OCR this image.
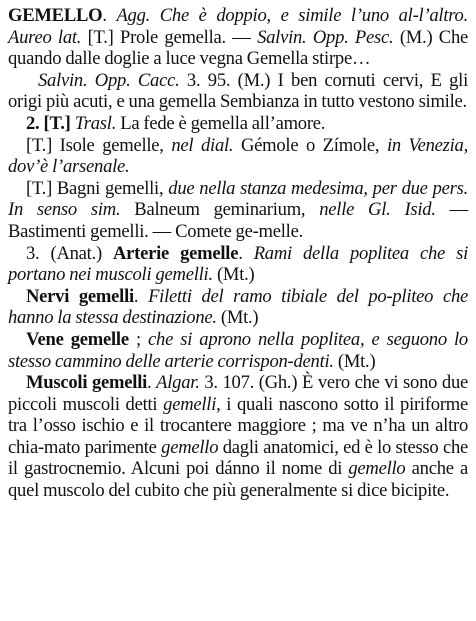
GEMELLO. Agg. Che è doppio, e simile l’uno al-l’altro. Aureo lat. [T.] Prole gemella. — Salvin. Opp. Pesc. (M.) Che quando dalle doglie a luce vegna Gemella stirpe…

Salvin. Opp. Cacc. 3. 95. (M.) I ben cornuti cervi, E gli origi più acuti, e una gemella Sembianza in tutto vestono simile.

2. [T.] Trasl. La fede è gemella all’amore.

[T.] Isole gemelle, nel dial. Gémole o Zímole, in Venezia, dov’è l’arsenale.

[T.] Bagni gemelli, due nella stanza medesima, per due pers. In senso sim. Balneum geminarium, nelle Gl. Isid. — Bastimenti gemelli. — Comete ge-melle.

3. (Anat.) Arterie gemelle. Rami della poplitea che si portano nei muscoli gemelli. (Mt.)

Nervi gemelli. Filetti del ramo tibiale del po-pliteo che hanno la stessa destinazione. (Mt.)

Vene gemelle ; che si aprono nella poplitea, e seguono lo stesso cammino delle arterie corrispon-denti. (Mt.)

Muscoli gemelli. Algar. 3. 107. (Gh.) È vero che vi sono due piccoli muscoli detti gemelli, i quali nascono sotto il piriforme tra l’osso ischio e il trocantere maggiore ; ma ve n’ha un altro chia-mato parimente gemello dagli anatomici, ed è lo stesso che il gastrocnemio. Alcuni poi dánno il nome di gemello anche a quel muscolo del cubito che più generalmente si dice bicipite.
